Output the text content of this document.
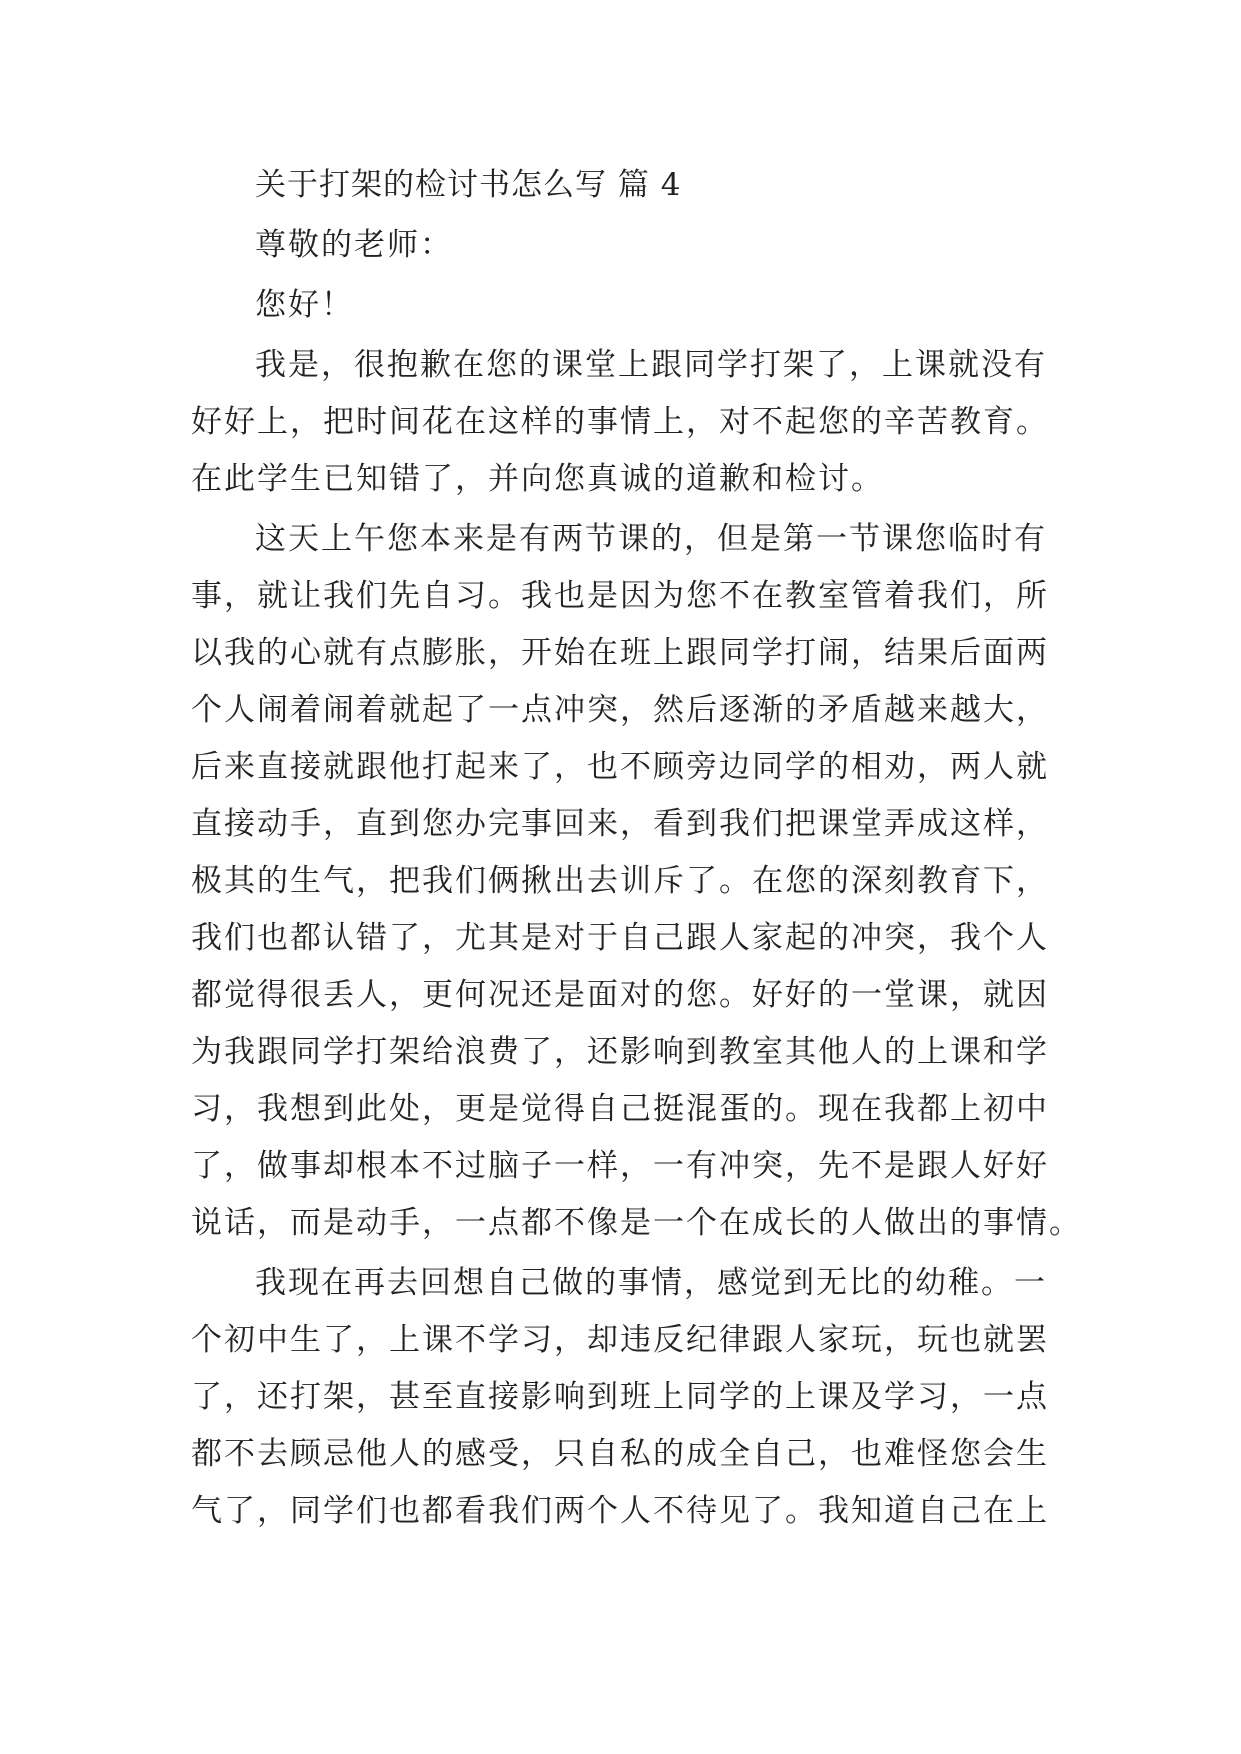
关于打架的检讨书怎么写 篇 4
尊敬的老师：
您好！
我是，很抱歉在您的课堂上跟同学打架了，上课就没有
好好上，把时间花在这样的事情上，对不起您的辛苦教育。
在此学生已知错了，并向您真诚的道歉和检讨。
这天上午您本来是有两节课的，但是第一节课您临时有
事，就让我们先自习。我也是因为您不在教室管着我们，所
以我的心就有点膨胀，开始在班上跟同学打闹，结果后面两
个人闹着闹着就起了一点冲突，然后逐渐的矛盾越来越大，
后来直接就跟他打起来了，也不顾旁边同学的相劝，两人就
直接动手，直到您办完事回来，看到我们把课堂弄成这样，
极其的生气，把我们俩揪出去训斥了。在您的深刻教育下，
我们也都认错了，尤其是对于自己跟人家起的冲突，我个人
都觉得很丢人，更何况还是面对的您。好好的一堂课，就因
为我跟同学打架给浪费了，还影响到教室其他人的上课和学
习，我想到此处，更是觉得自己挺混蛋的。现在我都上初中
了，做事却根本不过脑子一样，一有冲突，先不是跟人好好
说话，而是动手，一点都不像是一个在成长的人做出的事情。
我现在再去回想自己做的事情，感觉到无比的幼稚。一
个初中生了，上课不学习，却违反纪律跟人家玩，玩也就罢
了，还打架，甚至直接影响到班上同学的上课及学习，一点
都不去顾忌他人的感受，只自私的成全自己，也难怪您会生
气了，同学们也都看我们两个人不待见了。我知道自己在上
